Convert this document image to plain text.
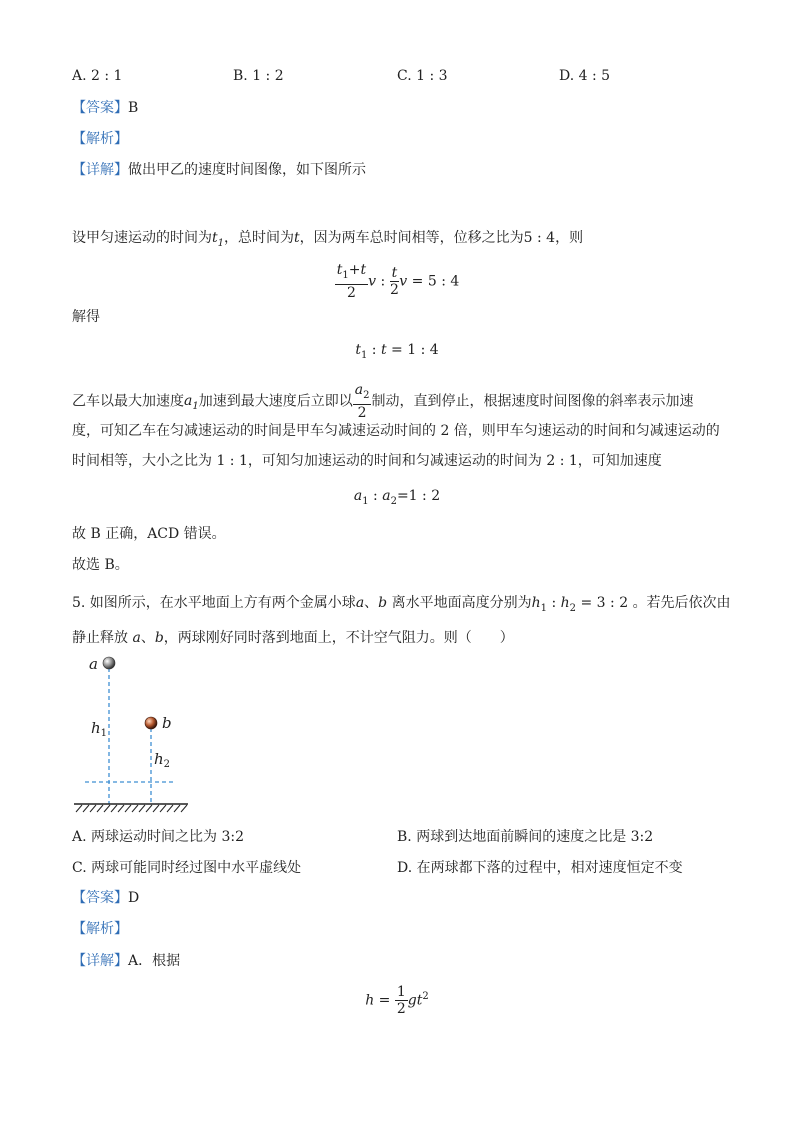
A. 2 : 1	B. 1 : 2	C. 1 : 3	D. 4 : 5
【答案】B
【解析】
【详解】做出甲乙的速度时间图像，如下图所示
设甲匀速运动的时间为$t_1$，总时间为t，因为两车总时间相等，位移之比为5 : 4，则
$\frac{t_1+t}{2}$ v : $\frac{t}{2}$ v = 5 : 4
解得
$t_1$ : t = 1 : 4
乙车以最大加速度$a_1$加速到最大速度后立即以 $\frac{a_2}{2}$ 制动，直到停止，根据速度时间图像的斜率表示加速
度，可知乙车在匀减速运动的时间是甲车匀减速运动时间的 2 倍，则甲车匀速运动的时间和匀减速运动的
时间相等，大小之比为 1 : 1，可知匀加速运动的时间和匀减速运动的时间为 2 : 1，可知加速度
$a_1$ : $a_2=1$ : 2
故 B 正确，ACD 错误。
故选 B。
5. 如图所示，在水平地面上方有两个金属小球a、b 离水平地面高度分别为$h_1$ : $h_2 = 3$ : 2 。若先后依次由
静止释放 a、b，两球刚好同时落到地面上，不计空气阻力。则（　　）
a
b
$h_1$
$h_2$
A. 两球运动时间之比为 3:2	B. 两球到达地面前瞬间的速度之比是 3:2
C. 两球可能同时经过图中水平虚线处	D. 在两球都下落的过程中，相对速度恒定不变
【答案】D
【解析】
【详解】A．根据
$h = \frac{1}{2} gt^2$
